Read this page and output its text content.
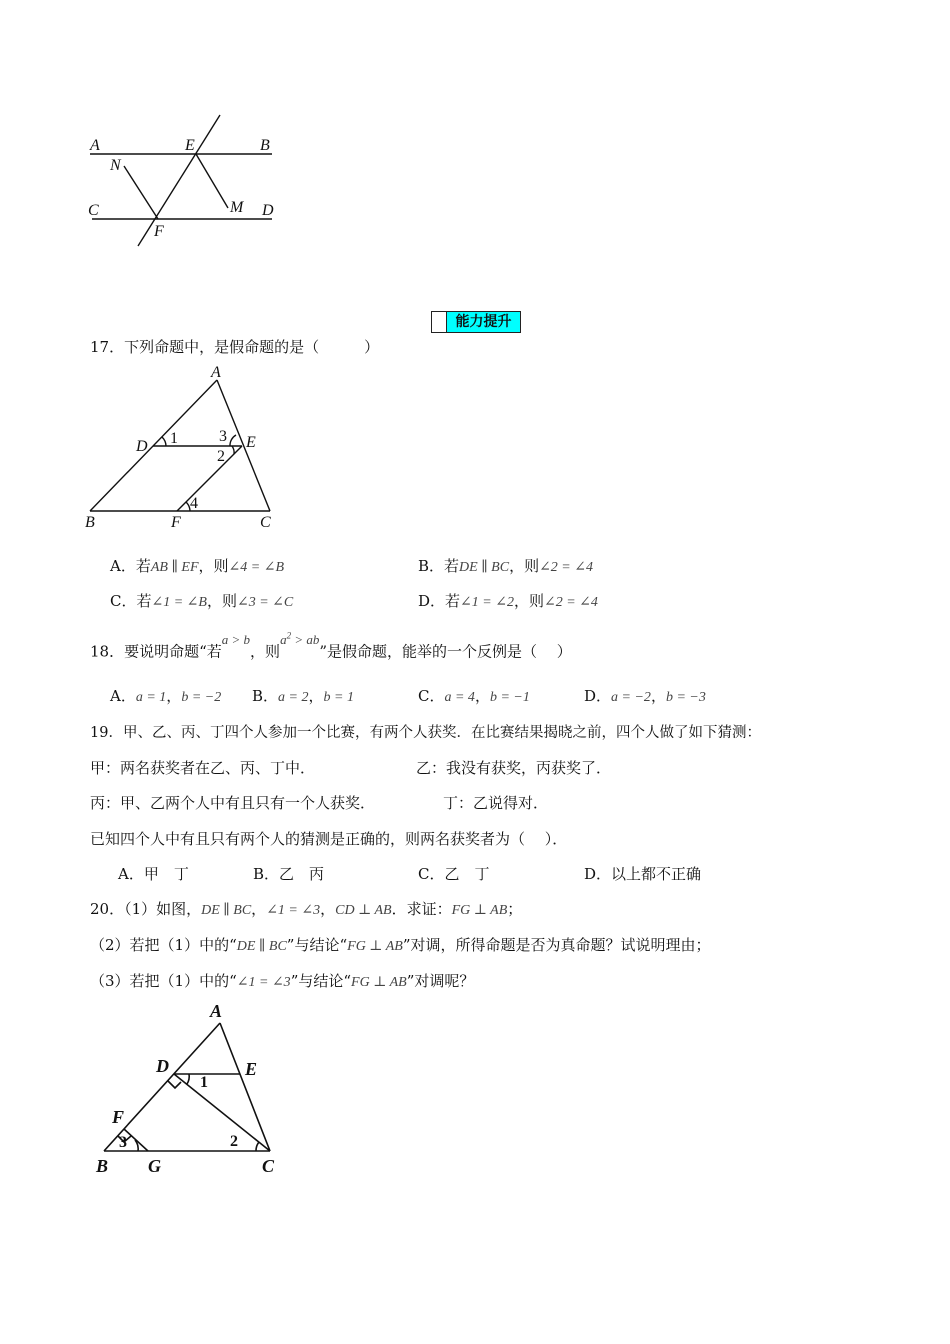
A	E	B
N
C	M D
F
能力提升
17．下列命题中，是假命题的是（　　　）
A
D	E
B	F	C
1	3
2
4
A．若AB ∥ EF，则∠4 = ∠B	B．若DE ∥ BC，则∠2 = ∠4
C．若∠1 = ∠B，则∠3 = ∠C	D．若∠1 = ∠2，则∠2 = ∠4
18．要说明命题“若a > b，则$a^2$ > ab”是假命题，能举的一个反例是（　 ）
A．a = 1，b = −2 B．a = 2，b = 1	C．a = 4，b = −1	D．a = −2，b = −3
19．甲、乙、丙、丁四个人参加一个比赛，有两个人获奖．在比赛结果揭晓之前，四个人做了如下猜测：
甲：两名获奖者在乙、丙、丁中．	乙：我没有获奖，丙获奖了．
丙：甲、乙两个人中有且只有一个人获奖．	丁：乙说得对．
已知四个人中有且只有两个人的猜测是正确的，则两名获奖者为（　 ）．
A．甲　丁	B．乙　丙	C．乙　丁	D．以上都不正确
20．（1）如图，DE ∥ BC，∠1 = ∠3，CD ⊥ AB．求证：FG ⊥ AB；
（2）若把（1）中的“DE ∥ BC”与结论“FG ⊥ AB”对调，所得命题是否为真命题？试说明理由；
（3）若把（1）中的“∠1 = ∠3”与结论“FG ⊥ AB”对调呢？
A
D	E
F
B G	C
1
2
3
